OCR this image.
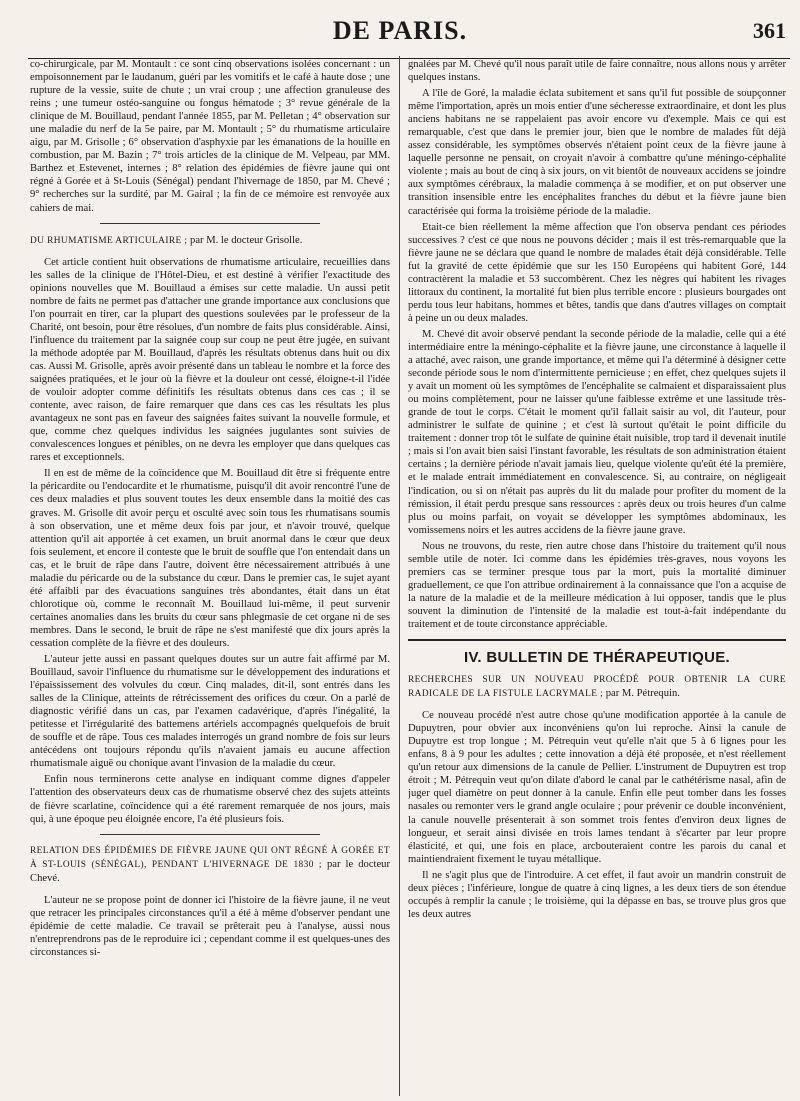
DE PARIS.	361

co-chirurgicale, par M. Montault : ce sont cinq observations isolées concernant : un empoisonnement par le laudanum, guéri par les vomitifs et le café à haute dose ; une rupture de la vessie, suite de chute ; un vrai croup ; une affection granuleuse des reins ; une tumeur ostéo-sanguine ou fongus hématode ; 3° revue générale de la clinique de M. Bouillaud, pendant l'année 1855, par M. Pelletan ; 4° observation sur une maladie du nerf de la 5e paire, par M. Montault ; 5° du rhumatisme articulaire aigu, par M. Grisolle ; 6° observation d'asphyxie par les émanations de la houille en combustion, par M. Bazin ; 7° trois articles de la clinique de M. Velpeau, par MM. Barthez et Estevenet, internes ; 8° relation des épidémies de fièvre jaune qui ont régné à Gorée et à St-Louis (Sénégal) pendant l'hivernage de 1850, par M. Chevé ; 9° recherches sur la surdité, par M. Gairal ; la fin de ce mémoire est renvoyée aux cahiers de mai.

DU RHUMATISME ARTICULAIRE ; par M. le docteur Grisolle.

Cet article contient huit observations de rhumatisme articulaire, recueillies dans les salles de la clinique de l'Hôtel-Dieu, et est destiné à vérifier l'exactitude des opinions nouvelles que M. Bouillaud a émises sur cette maladie. Un aussi petit nombre de faits ne permet pas d'attacher une grande importance aux conclusions que l'on pourrait en tirer, car la plupart des questions soulevées par le professeur de la Charité, ont besoin, pour être résolues, d'un nombre de faits plus considérable. Ainsi, l'influence du traitement par la saignée coup sur coup ne peut être jugée, en suivant la méthode adoptée par M. Bouillaud, d'après les résultats obtenus dans huit ou dix cas. Aussi M. Grisolle, après avoir présenté dans un tableau le nombre et la force des saignées pratiquées, et le jour où la fièvre et la douleur ont cessé, éloigne-t-il l'idée de vouloir adopter comme définitifs les résultats obtenus dans ces cas ; il se contente, avec raison, de faire remarquer que dans ces cas les résultats les plus avantageux ne sont pas en faveur des saignées faites suivant la nouvelle formule, et que, comme chez quelques individus les saignées jugulantes sont suivies de convalescences longues et pénibles, on ne devra les employer que dans quelques cas rares et exceptionnels.

Il en est de même de la coïncidence que M. Bouillaud dit être si fréquente entre la péricardite ou l'endocardite et le rhumatisme, puisqu'il dit avoir rencontré l'une de ces deux maladies et plus souvent toutes les deux ensemble dans la moitié des cas graves. M. Grisolle dit avoir perçu et osculté avec soin tous les rhumatisans soumis à son observation, une et même deux fois par jour, et n'avoir trouvé, quelque attention qu'il ait apportée à cet examen, un bruit anormal dans le cœur que deux fois seulement, et encore il conteste que le bruit de souffle que l'on entendait dans un cas, et le bruit de râpe dans l'autre, doivent être nécessairement attribués à une maladie du péricarde ou de la substance du cœur. Dans le premier cas, le sujet ayant été affaibli par des évacuations sanguines très abondantes, était dans un état chlorotique où, comme le reconnaît M. Bouillaud lui-même, il peut survenir certaines anomalies dans les bruits du cœur sans phlegmasie de cet organe ni de ses membres. Dans le second, le bruit de râpe ne s'est manifesté que dix jours après la cessation complète de la fièvre et des douleurs.

L'auteur jette aussi en passant quelques doutes sur un autre fait affirmé par M. Bouillaud, savoir l'influence du rhumatisme sur le développement des indurations et l'épaississement des volvules du cœur. Cinq malades, dit-il, sont entrés dans les salles de la Clinique, atteints de rétrécissement des orifices du cœur. On a parlé de diagnostic vérifié dans un cas, par l'examen cadavérique, d'après l'inégalité, la petitesse et l'irrégularité des battemens artériels accompagnés quelquefois de bruit de souffle et de râpe. Tous ces malades interrogés un grand nombre de fois sur leurs antécédens ont toujours répondu qu'ils n'avaient jamais eu aucune affection rhumatismale aiguë ou chonique avant l'invasion de la maladie du cœur.

Enfin nous terminerons cette analyse en indiquant comme dignes d'appeler l'attention des observateurs deux cas de rhumatisme observé chez des sujets atteints de fièvre scarlatine, coïncidence qui a été rarement remarquée de nos jours, mais qui, à une époque peu éloignée encore, l'a été plusieurs fois.

RELATION DES ÉPIDÉMIES DE FIÈVRE JAUNE QUI ONT RÉGNÉ À GORÉE ET À ST-LOUIS (SÉNÉGAL), PENDANT L'HIVERNAGE DE 1830 ; par le docteur Chevé.

L'auteur ne se propose point de donner ici l'histoire de la fièvre jaune, il ne veut que retracer les principales circonstances qu'il a été à même d'observer pendant une épidémie de cette maladie. Ce travail se prêterait peu à l'analyse, aussi nous n'entreprendrons pas de le reproduire ici ; cependant comme il est quelques-unes des circonstances si-

gnalées par M. Chevé qu'il nous paraît utile de faire connaître, nous allons nous y arrêter quelques instans.

A l'île de Goré, la maladie éclata subitement et sans qu'il fut possible de soupçonner même l'importation, après un mois entier d'une sécheresse extraordinaire, et dont les plus anciens habitans ne se rappelaient pas avoir encore vu d'exemple. Mais ce qui est remarquable, c'est que dans le premier jour, bien que le nombre de malades fût déjà assez considérable, les symptômes observés n'étaient point ceux de la fièvre jaune à laquelle personne ne pensait, on croyait n'avoir à combattre qu'une méningo-céphalite violente ; mais au bout de cinq à six jours, on vit bientôt de nouveaux accidens se joindre aux symptômes cérébraux, la maladie commença à se modifier, et on put observer une transition insensible entre les encéphalites franches du début et la fièvre jaune bien caractérisée qui forma la troisième période de la maladie.

Etait-ce bien réellement la même affection que l'on observa pendant ces périodes successives ? c'est ce que nous ne pouvons décider ; mais il est très-remarquable que la fièvre jaune ne se déclara que quand le nombre de malades était déjà considérable. Telle fut la gravité de cette épidémie que sur les 150 Européens qui habitent Goré, 144 contractèrent la maladie et 53 succombèrent. Chez les nègres qui habitent les rivages littoraux du continent, la mortalité fut bien plus terrible encore : plusieurs bourgades ont perdu tous leur habitans, hommes et bêtes, tandis que dans d'autres villages on comptait à peine un ou deux malades.

M. Chevé dit avoir observé pendant la seconde période de la maladie, celle qui a été intermédiaire entre la méningo-céphalite et la fièvre jaune, une circonstance à laquelle il a attaché, avec raison, une grande importance, et même qui l'a déterminé à désigner cette seconde période sous le nom d'intermittente pernicieuse ; en effet, chez quelques sujets il y avait un moment où les symptômes de l'encéphalite se calmaient et disparaissaient plus ou moins complètement, pour ne laisser qu'une faiblesse extrême et une lassitude très-grande de tout le corps. C'était le moment qu'il fallait saisir au vol, dit l'auteur, pour administrer le sulfate de quinine ; et c'est là surtout qu'était le point difficile du traitement : donner trop tôt le sulfate de quinine était nuisible, trop tard il devenait inutile ; mais si l'on avait bien saisi l'instant favorable, les résultats de son administration étaient certains ; la dernière période n'avait jamais lieu, quelque violente qu'eût été la première, et le malade entrait immédiatement en convalescence. Si, au contraire, on négligeait l'indication, ou si on n'était pas auprès du lit du malade pour profiter du moment de la rémission, il était perdu presque sans ressources : après deux ou trois heures d'un calme plus ou moins parfait, on voyait se développer les symptômes abdominaux, les vomissemens noirs et les autres accidens de la fièvre jaune grave.

Nous ne trouvons, du reste, rien autre chose dans l'histoire du traitement qu'il nous semble utile de noter. Ici comme dans les épidémies très-graves, nous voyons les premiers cas se terminer presque tous par la mort, puis la mortalité diminuer graduellement, ce que l'on attribue ordinairement à la connaissance que l'on a acquise de la nature de la maladie et de la meilleure médication à lui opposer, tandis que le plus souvent la diminution de l'intensité de la maladie est tout-à-fait indépendante du traitement et de toute circonstance appréciable.

IV. BULLETIN DE THÉRAPEUTIQUE.
RECHERCHES SUR UN NOUVEAU PROCÉDÉ POUR OBTENIR LA CURE RADICALE DE LA FISTULE LACRYMALE ; par M. Pétrequin.

Ce nouveau procédé n'est autre chose qu'une modification apportée à la canule de Dupuytren, pour obvier aux inconvéniens qu'on lui reproche. Ainsi la canule de Dupuytre est trop longue ; M. Pétrequin veut qu'elle n'ait que 5 à 6 lignes pour les enfans, 8 à 9 pour les adultes ; cette innovation a déjà été proposée, et n'est réellement qu'un retour aux dimensions de la canule de Pellier. L'instrument de Dupuytren est trop étroit ; M. Pétrequin veut qu'on dilate d'abord le canal par le cathétérisme nasal, afin de juger quel diamètre on peut donner à la canule. Enfin elle peut tomber dans les fosses nasales ou remonter vers le grand angle oculaire ; pour prévenir ce double inconvénient, la canule nouvelle présenterait à son sommet trois fentes d'environ deux lignes de longueur, et serait ainsi divisée en trois lames tendant à s'écarter par leur propre élasticité, et qui, une fois en place, arcbouteraient contre les parois du canal et maintiendraient fixement le tuyau métallique.

Il ne s'agit plus que de l'introduire. A cet effet, il faut avoir un mandrin construit de deux pièces ; l'inférieure, longue de quatre à cinq lignes, a les deux tiers de son étendue occupés à remplir la canule ; le troisième, qui la dépasse en bas, se trouve plus gros que les deux autres
